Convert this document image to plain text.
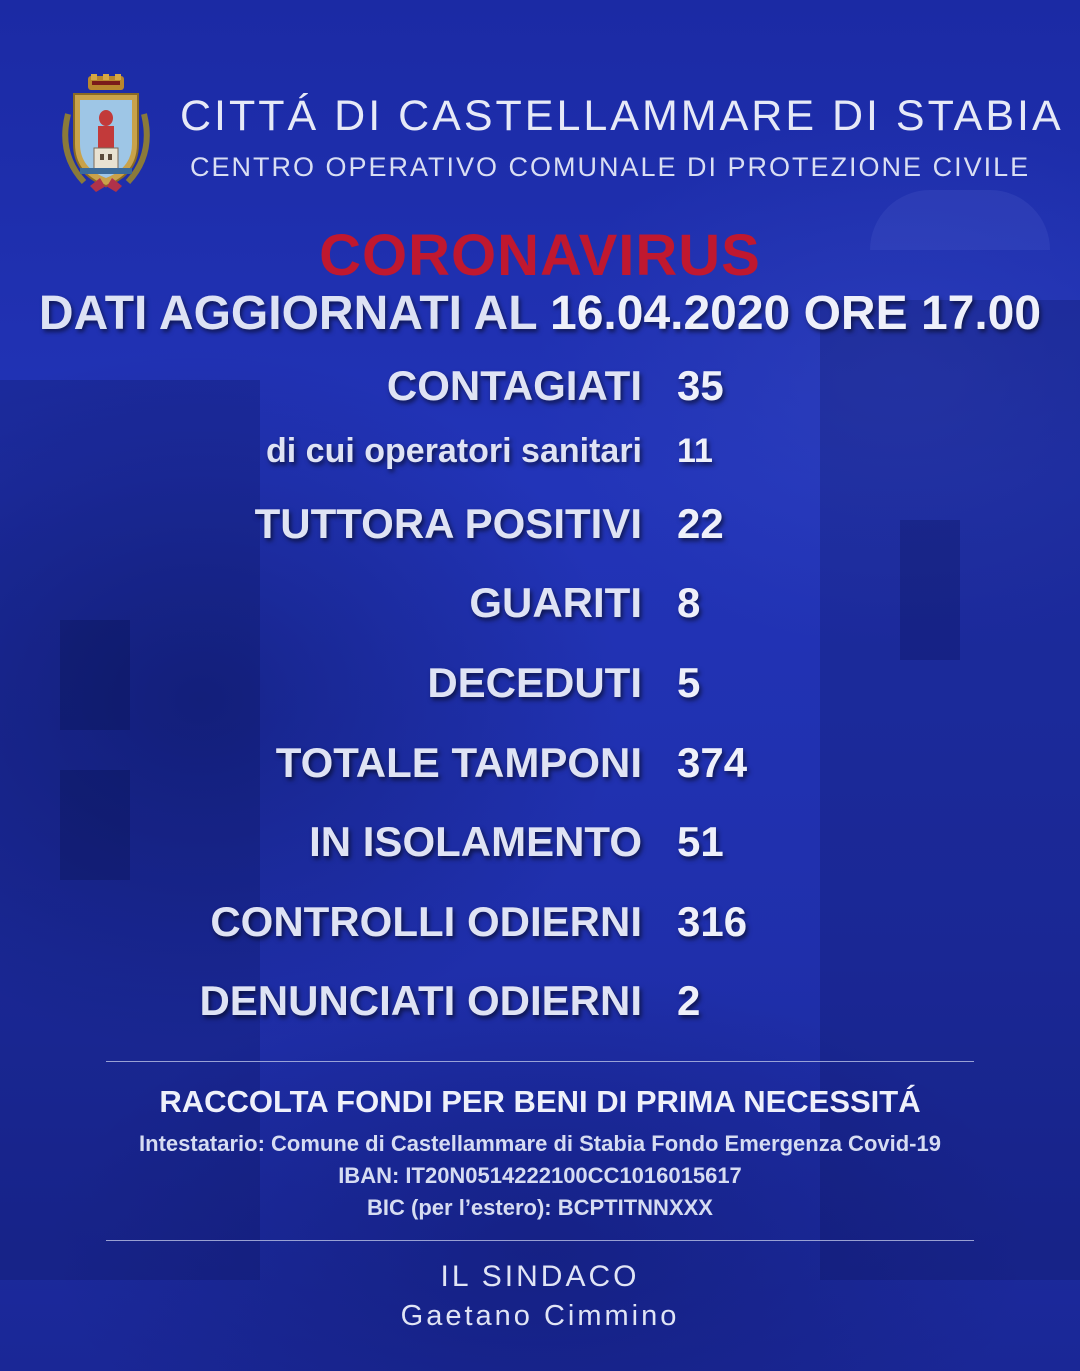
CITTÁ DI CASTELLAMMARE DI STABIA
CENTRO OPERATIVO COMUNALE DI PROTEZIONE CIVILE
CORONAVIRUS
DATI AGGIORNATI AL 16.04.2020 ORE 17.00
CONTAGIATI 35
di cui operatori sanitari 11
TUTTORA POSITIVI 22
GUARITI 8
DECEDUTI 5
TOTALE TAMPONI 374
IN ISOLAMENTO 51
CONTROLLI ODIERNI 316
DENUNCIATI ODIERNI 2
RACCOLTA FONDI PER BENI DI PRIMA NECESSITÁ
Intestatario: Comune di Castellammare di Stabia Fondo Emergenza Covid-19
IBAN: IT20N0514222100CC1016015617
BIC (per l’estero): BCPTITNNXXX
IL SINDACO
Gaetano Cimmino
